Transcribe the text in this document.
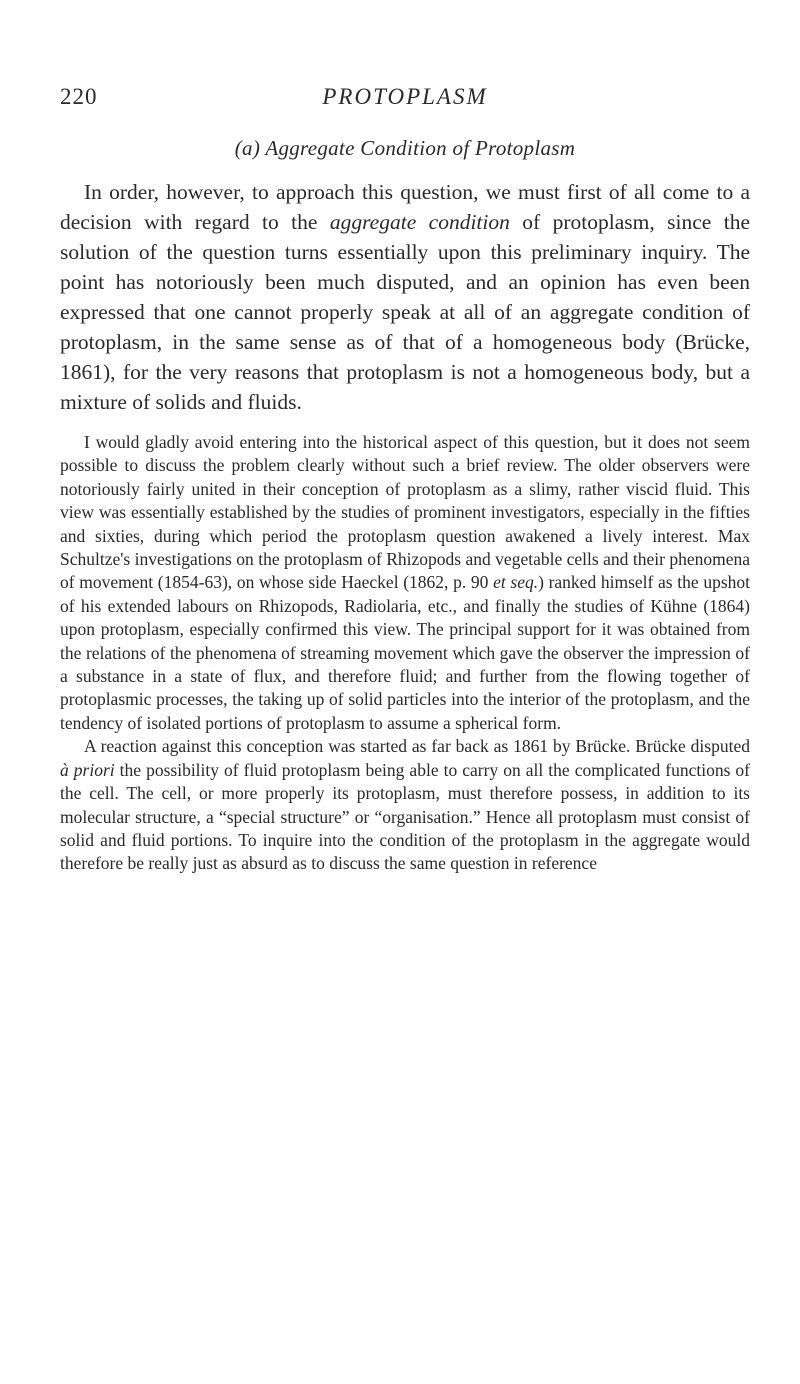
220	PROTOPLASM
(a) Aggregate Condition of Protoplasm

In order, however, to approach this question, we must first of all come to a decision with regard to the aggregate condition of protoplasm, since the solution of the question turns essentially upon this preliminary inquiry. The point has notoriously been much disputed, and an opinion has even been expressed that one cannot properly speak at all of an aggregate condition of protoplasm, in the same sense as of that of a homogeneous body (Brücke, 1861), for the very reasons that protoplasm is not a homogeneous body, but a mixture of solids and fluids.

I would gladly avoid entering into the historical aspect of this question, but it does not seem possible to discuss the problem clearly without such a brief review. The older observers were notoriously fairly united in their conception of protoplasm as a slimy, rather viscid fluid. This view was essentially established by the studies of prominent investigators, especially in the fifties and sixties, during which period the protoplasm question awakened a lively interest. Max Schultze's investigations on the protoplasm of Rhizopods and vegetable cells and their phenomena of movement (1854-63), on whose side Haeckel (1862, p. 90 et seq.) ranked himself as the upshot of his extended labours on Rhizopods, Radiolaria, etc., and finally the studies of Kühne (1864) upon protoplasm, especially confirmed this view. The principal support for it was obtained from the relations of the phenomena of streaming movement which gave the observer the impression of a substance in a state of flux, and therefore fluid; and further from the flowing together of protoplasmic processes, the taking up of solid particles into the interior of the protoplasm, and the tendency of isolated portions of protoplasm to assume a spherical form.

A reaction against this conception was started as far back as 1861 by Brücke. Brücke disputed à priori the possibility of fluid protoplasm being able to carry on all the complicated functions of the cell. The cell, or more properly its protoplasm, must therefore possess, in addition to its molecular structure, a “special structure” or “organisation.” Hence all protoplasm must consist of solid and fluid portions. To inquire into the condition of the protoplasm in the aggregate would therefore be really just as absurd as to discuss the same question in reference
